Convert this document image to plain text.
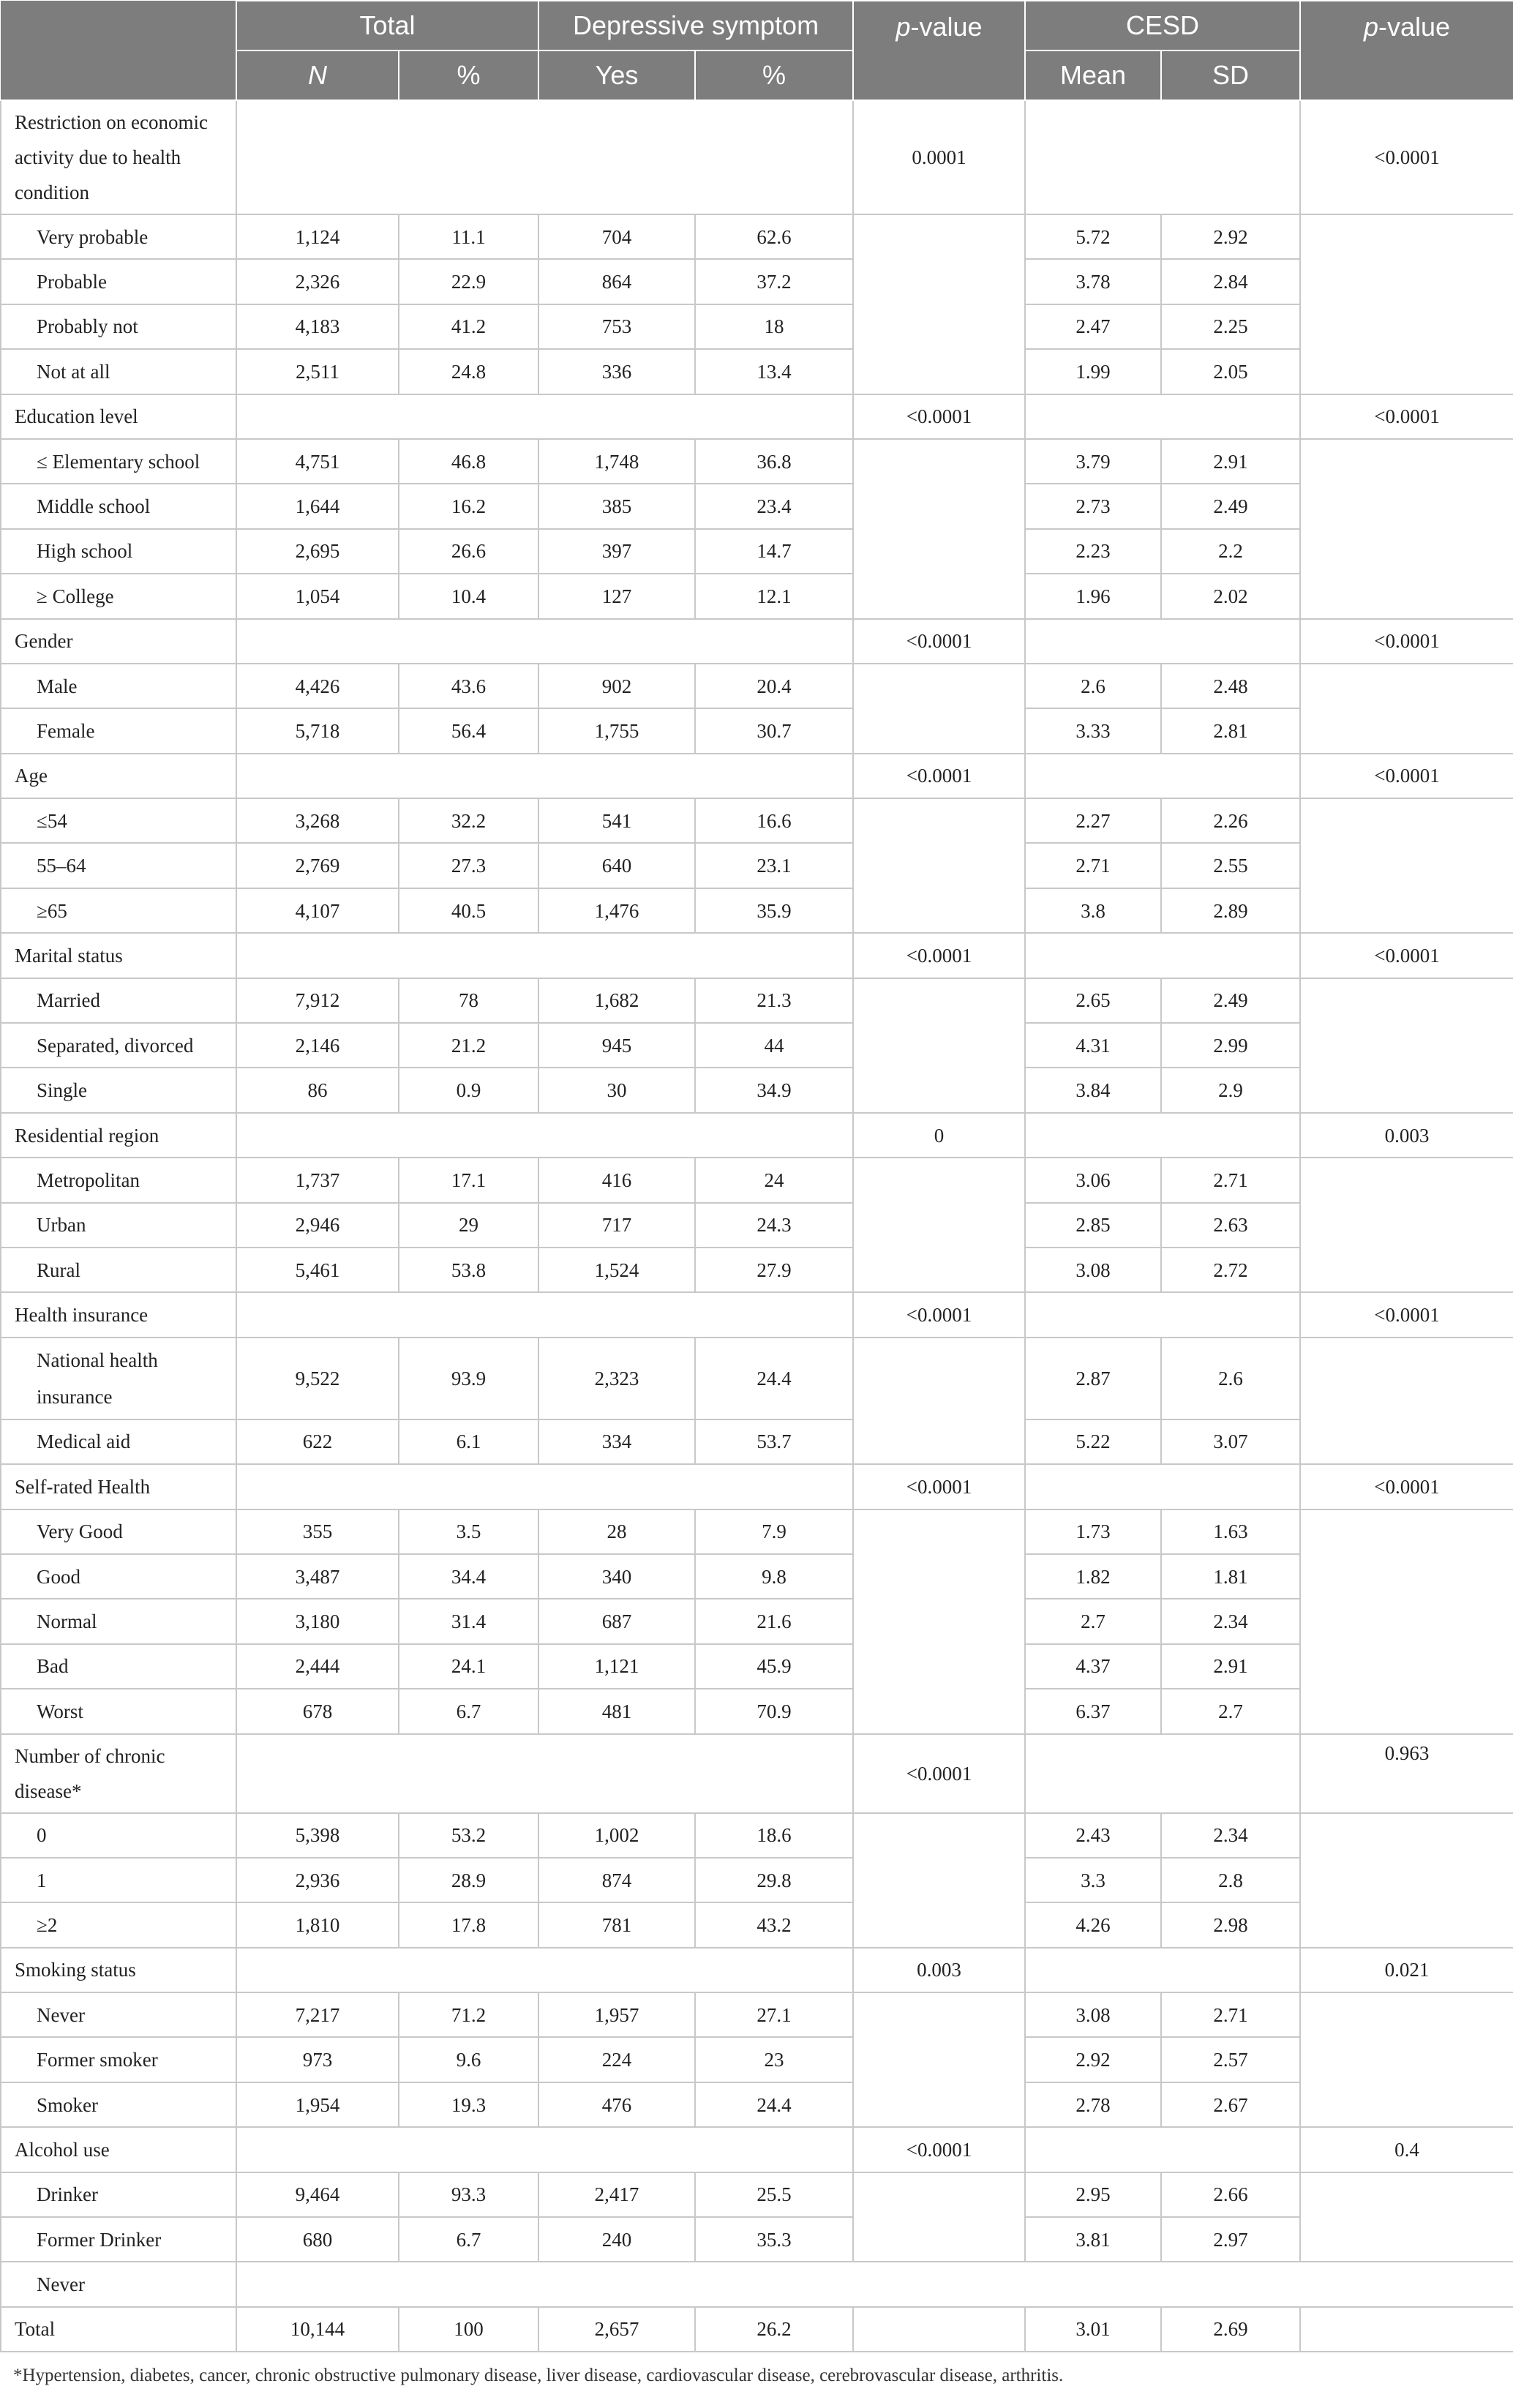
	Total		Depressive symptom		p-value	CESD		p-value
	N	%	Yes	%		Mean	SD	
Restriction on economic activity due to health condition					0.0001			<0.0001
Very probable	1,124	11.1	704	62.6		5.72	2.92	
Probable	2,326	22.9	864	37.2		3.78	2.84	
Probably not	4,183	41.2	753	18		2.47	2.25	
Not at all	2,511	24.8	336	13.4		1.99	2.05	
Education level					<0.0001			<0.0001
≤ Elementary school	4,751	46.8	1,748	36.8		3.79	2.91	
Middle school	1,644	16.2	385	23.4		2.73	2.49	
High school	2,695	26.6	397	14.7		2.23	2.2	
≥ College	1,054	10.4	127	12.1		1.96	2.02	
Gender					<0.0001			<0.0001
Male	4,426	43.6	902	20.4		2.6	2.48	
Female	5,718	56.4	1,755	30.7		3.33	2.81	
Age					<0.0001			<0.0001
≤54	3,268	32.2	541	16.6		2.27	2.26	
55–64	2,769	27.3	640	23.1		2.71	2.55	
≥65	4,107	40.5	1,476	35.9		3.8	2.89	
Marital status					<0.0001			<0.0001
Married	7,912	78	1,682	21.3		2.65	2.49	
Separated, divorced	2,146	21.2	945	44		4.31	2.99	
Single	86	0.9	30	34.9		3.84	2.9	
Residential region					0			0.003
Metropolitan	1,737	17.1	416	24		3.06	2.71	
Urban	2,946	29	717	24.3		2.85	2.63	
Rural	5,461	53.8	1,524	27.9		3.08	2.72	
Health insurance					<0.0001			<0.0001
National health insurance	9,522	93.9	2,323	24.4		2.87	2.6	
Medical aid	622	6.1	334	53.7		5.22	3.07	
Self-rated Health					<0.0001			<0.0001
Very Good	355	3.5	28	7.9		1.73	1.63	
Good	3,487	34.4	340	9.8		1.82	1.81	
Normal	3,180	31.4	687	21.6		2.7	2.34	
Bad	2,444	24.1	1,121	45.9		4.37	2.91	
Worst	678	6.7	481	70.9		6.37	2.7	
Number of chronic disease*					<0.0001			0.963
0	5,398	53.2	1,002	18.6		2.43	2.34	
1	2,936	28.9	874	29.8		3.3	2.8	
≥2	1,810	17.8	781	43.2		4.26	2.98	
Smoking status					0.003			0.021
Never	7,217	71.2	1,957	27.1		3.08	2.71	
Former smoker	973	9.6	224	23		2.92	2.57	
Smoker	1,954	19.3	476	24.4		2.78	2.67	
Alcohol use					<0.0001			0.4
Drinker	9,464	93.3	2,417	25.5		2.95	2.66	
Former Drinker	680	6.7	240	35.3		3.81	2.97	
Never								
Total	10,144	100	2,657	26.2		3.01	2.69	
*Hypertension, diabetes, cancer, chronic obstructive pulmonary disease, liver disease, cardiovascular disease, cerebrovascular disease, arthritis.
